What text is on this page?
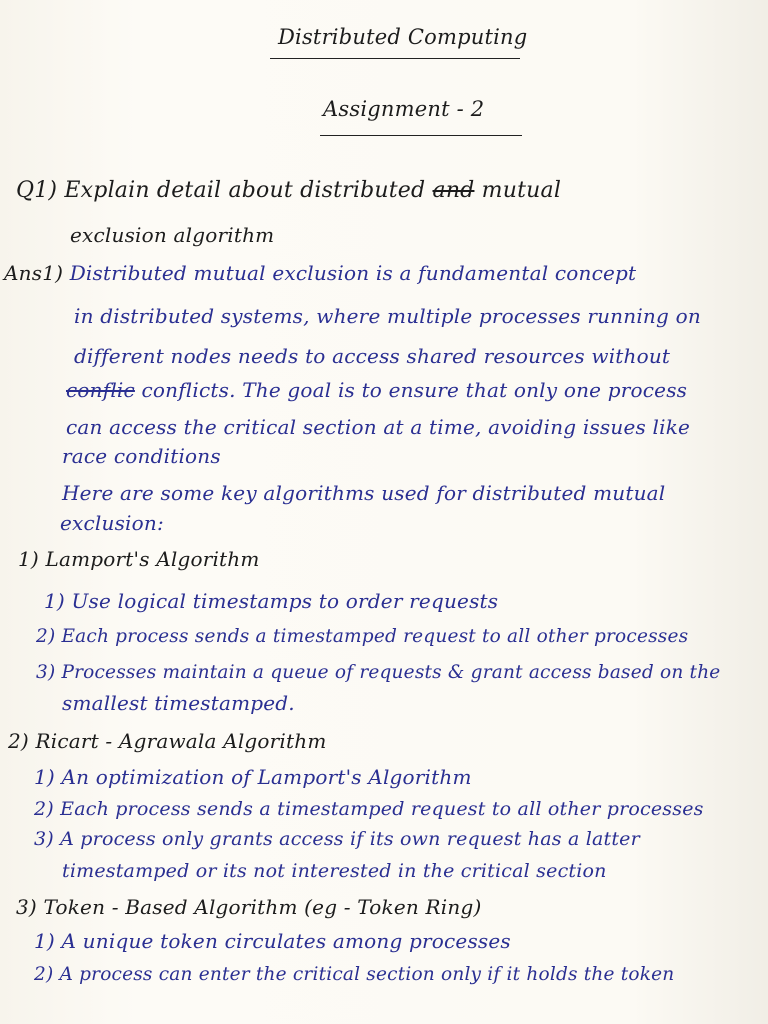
Distributed Computing
Assignment - 2
Q1) Explain detail about distributed and mutual
exclusion algorithm
Ans1) Distributed mutual exclusion is a fundamental concept
in distributed systems, where multiple processes running on
different nodes needs to access shared resources without
conflic conflicts. The goal is to ensure that only one process
can access the critical section at a time, avoiding issues like
race conditions
Here are some key algorithms used for distributed mutual
exclusion:
1) Lamport's Algorithm
1) Use logical timestamps to order requests
2) Each process sends a timestamped request to all other processes
3) Processes maintain a queue of requests & grant access based on the
smallest timestamped.
2) Ricart - Agrawala Algorithm
1) An optimization of Lamport's Algorithm
2) Each process sends a timestamped request to all other processes
3) A process only grants access if its own request has a latter
timestamped or its not interested in the critical section
3) Token - Based Algorithm (eg - Token Ring)
1) A unique token circulates among processes
2) A process can enter the critical section only if it holds the token
